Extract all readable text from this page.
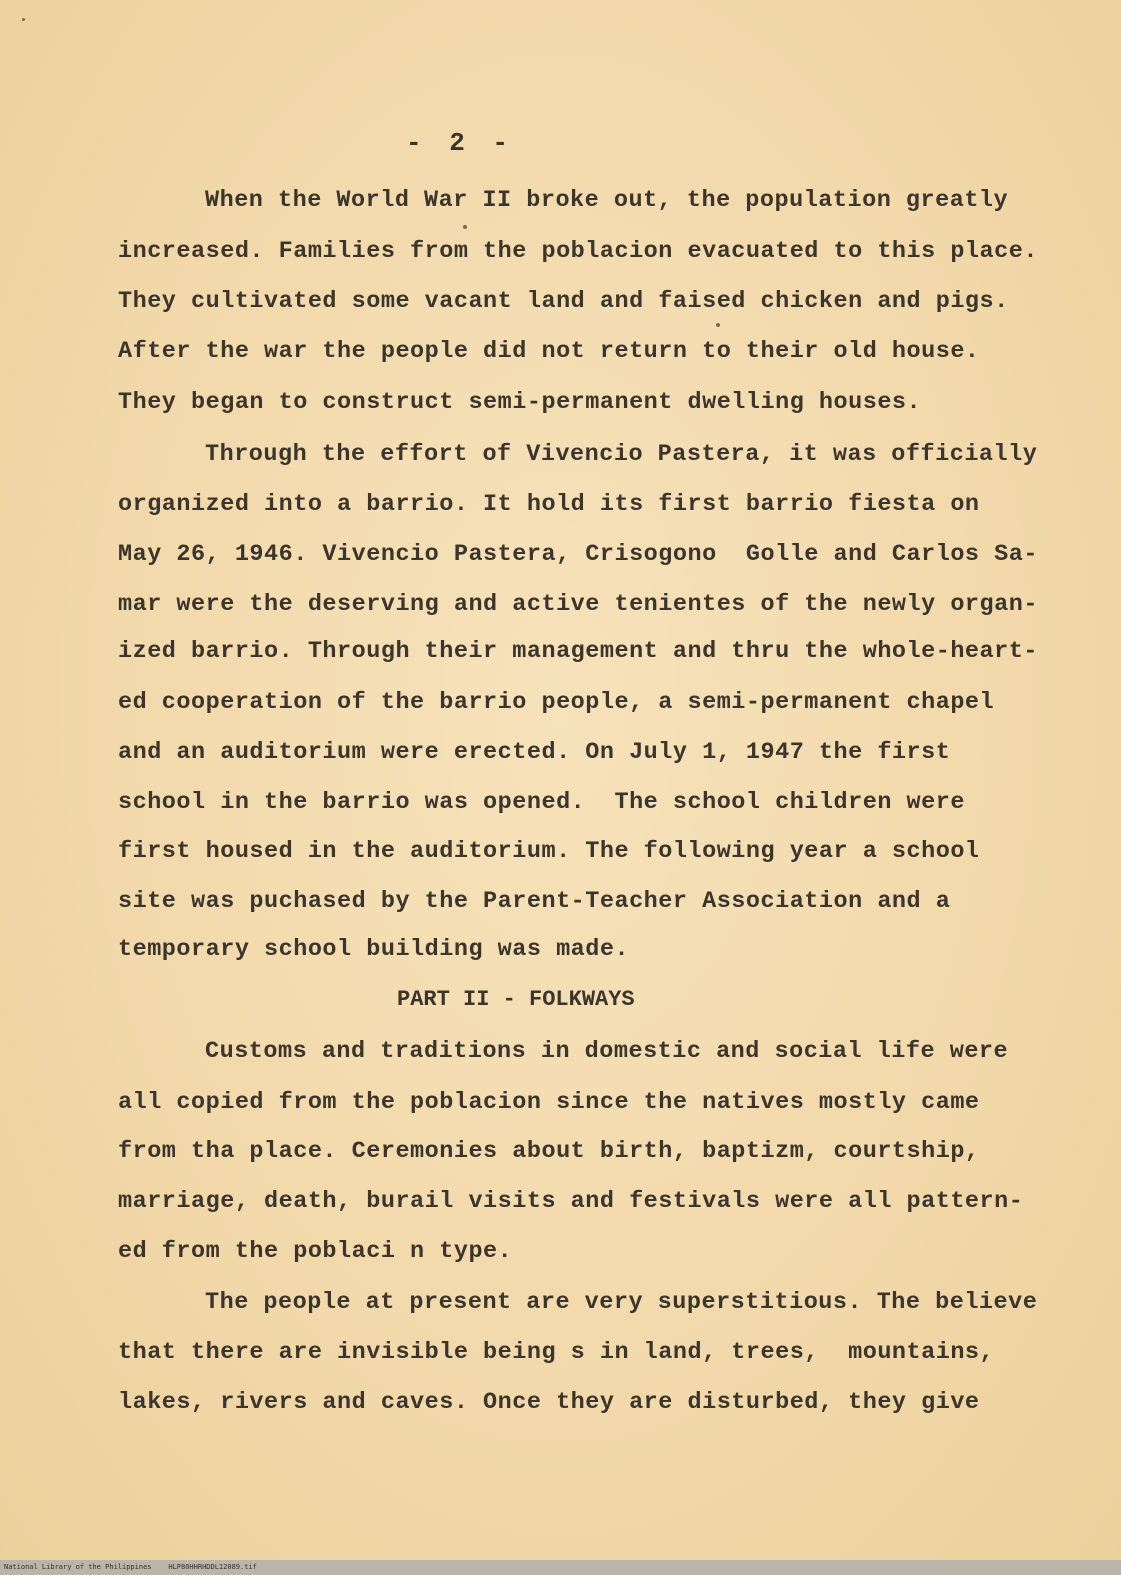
- 2 -
When the World War II broke out, the population greatly
increased. Families from the poblacion evacuated to this place.
They cultivated some vacant land and faised chicken and pigs.
After the war the people did not return to their old house.
They began to construct semi-permanent dwelling houses.
Through the effort of Vivencio Pastera, it was officially
organized into a barrio. It hold its first barrio fiesta on
May 26, 1946. Vivencio Pastera, Crisogono  Golle and Carlos Sa-
mar were the deserving and active tenientes of the newly organ-
ized barrio. Through their management and thru the whole-heart-
ed cooperation of the barrio people, a semi-permanent chapel
and an auditorium were erected. On July 1, 1947 the first
school in the barrio was opened.  The school children were
first housed in the auditorium. The following year a school
site was puchased by the Parent-Teacher Association and a
temporary school building was made.
PART II - FOLKWAYS
Customs and traditions in domestic and social life were
all copied from the poblacion since the natives mostly came
from tha place. Ceremonies about birth, baptizm, courtship,
marriage, death, burail visits and festivals were all pattern-
ed from the poblaci n type.
The people at present are very superstitious. The believe
that there are invisible being s in land, trees,  mountains,
lakes, rivers and caves. Once they are disturbed, they give
National Library of the Philippines    HLP80HHRHDDL12089.tif
